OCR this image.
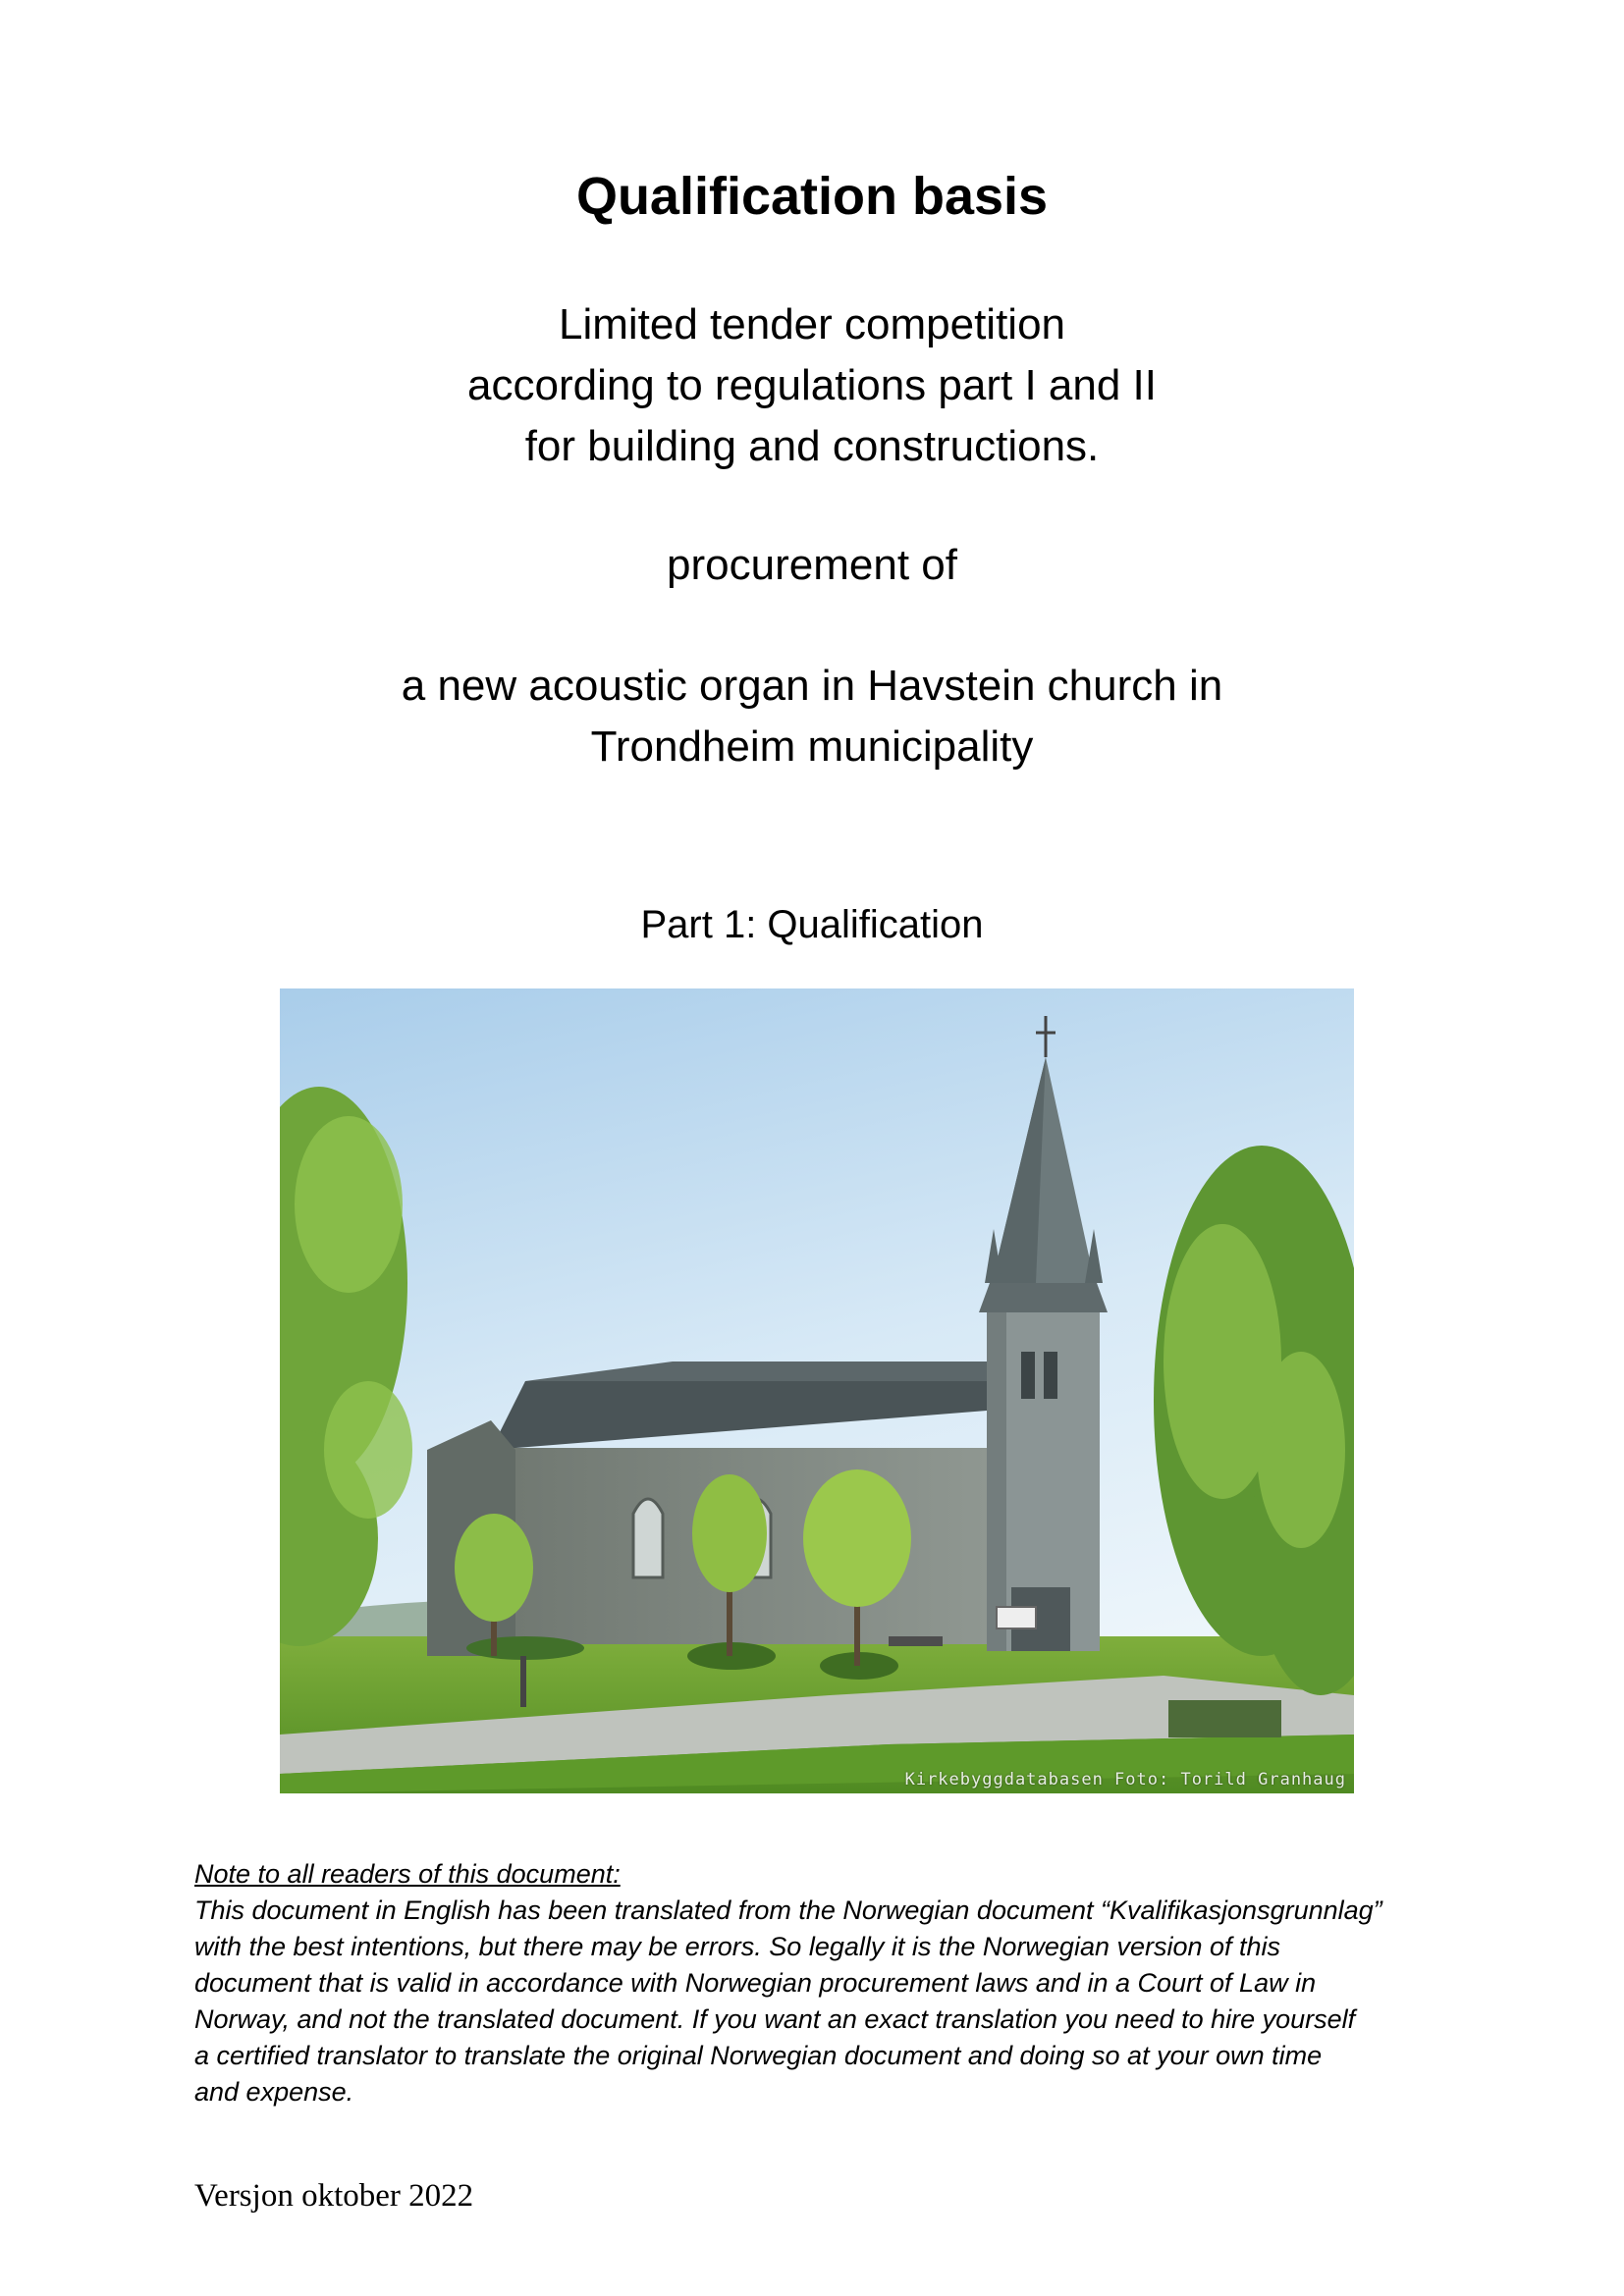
Qualification basis
Limited tender competition
according to regulations part I and II
for building and constructions.
procurement of
a new acoustic organ in Havstein church in
Trondheim municipality
Part 1: Qualification
Kirkebyggdatabasen Foto: Torild Granhaug
Note to all readers of this document:
This document in English has been translated from the Norwegian document “Kvalifikasjonsgrunnlag”
with the best intentions, but there may be errors. So legally it is the Norwegian version of this
document that is valid in accordance with Norwegian procurement laws and in a Court of Law in
Norway, and not the translated document. If you want an exact translation you need to hire yourself
a certified translator to translate the original Norwegian document and doing so at your own time
and expense.
Versjon oktober 2022
